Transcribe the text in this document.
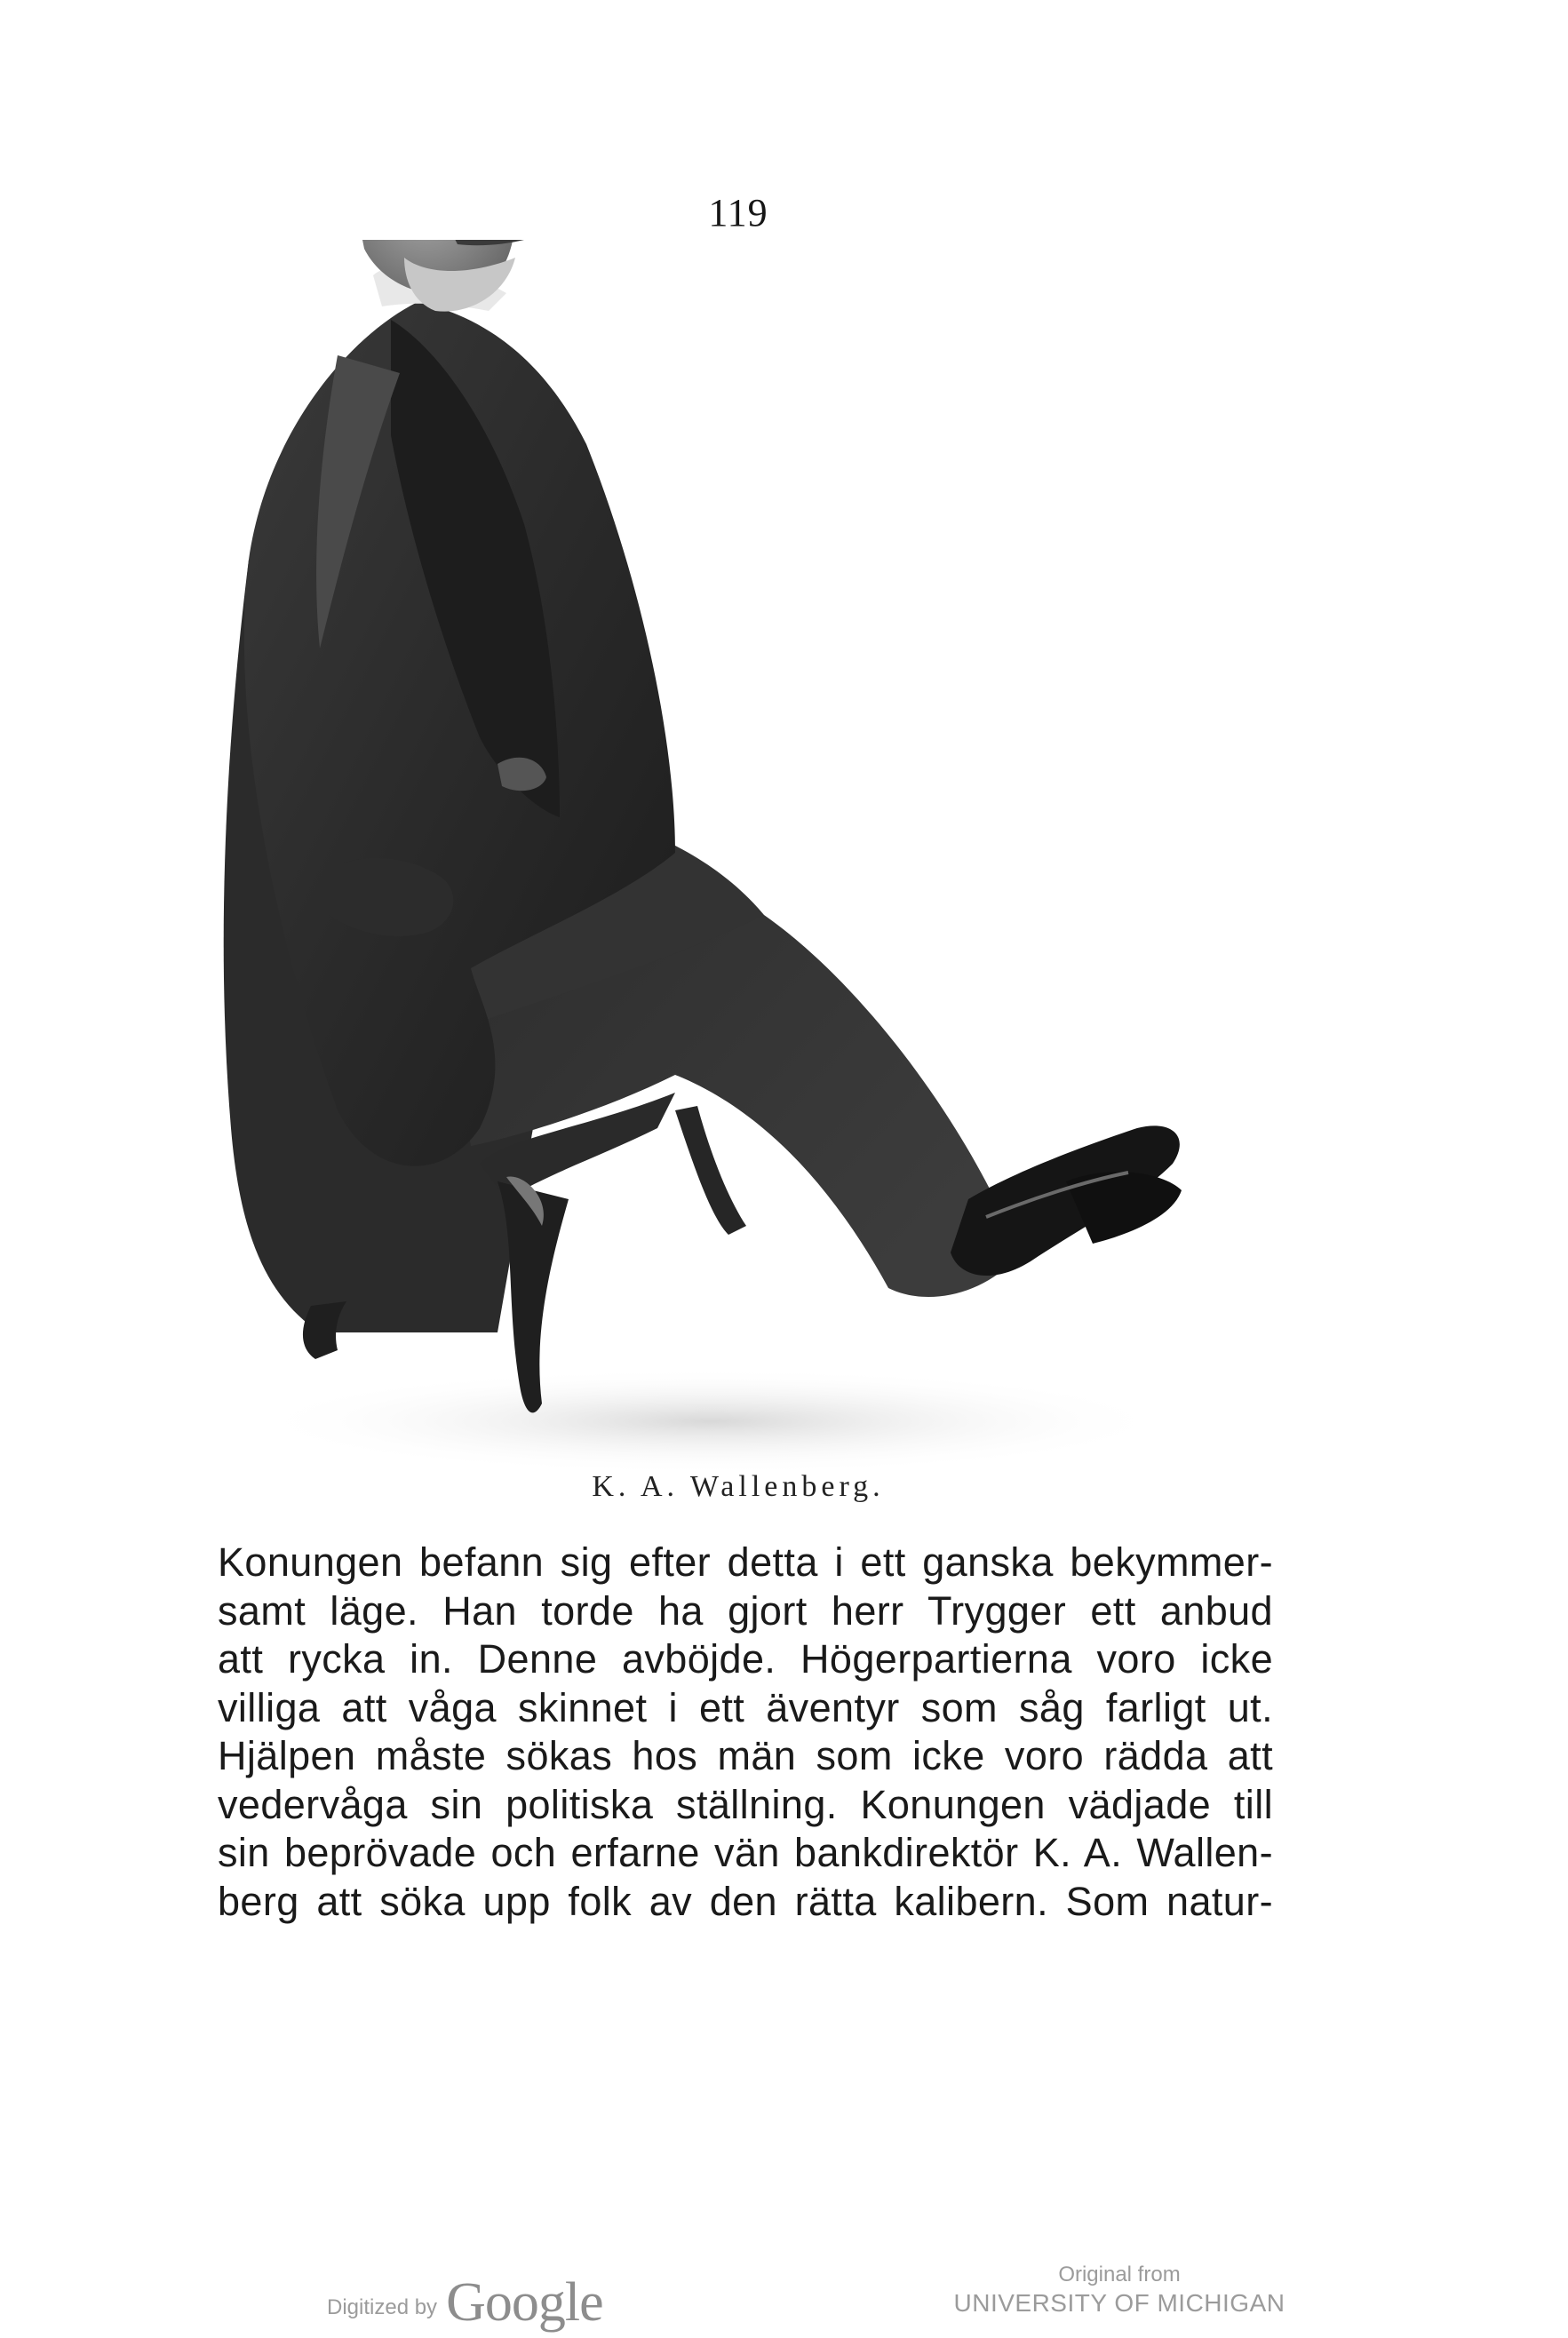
119
K. A. Wallenberg.
Konungen befann sig efter detta i ett ganska bekymmer-
samt läge. Han torde ha gjort herr Trygger ett anbud
att rycka in. Denne avböjde. Högerpartierna voro icke
villiga att våga skinnet i ett äventyr som såg farligt ut.
Hjälpen måste sökas hos män som icke voro rädda att
vedervåga sin politiska ställning. Konungen vädjade till
sin beprövade och erfarne vän bankdirektör K. A. Wallen-
berg att söka upp folk av den rätta kalibern. Som natur-
Digitized by Google	Original from
UNIVERSITY OF MICHIGAN
